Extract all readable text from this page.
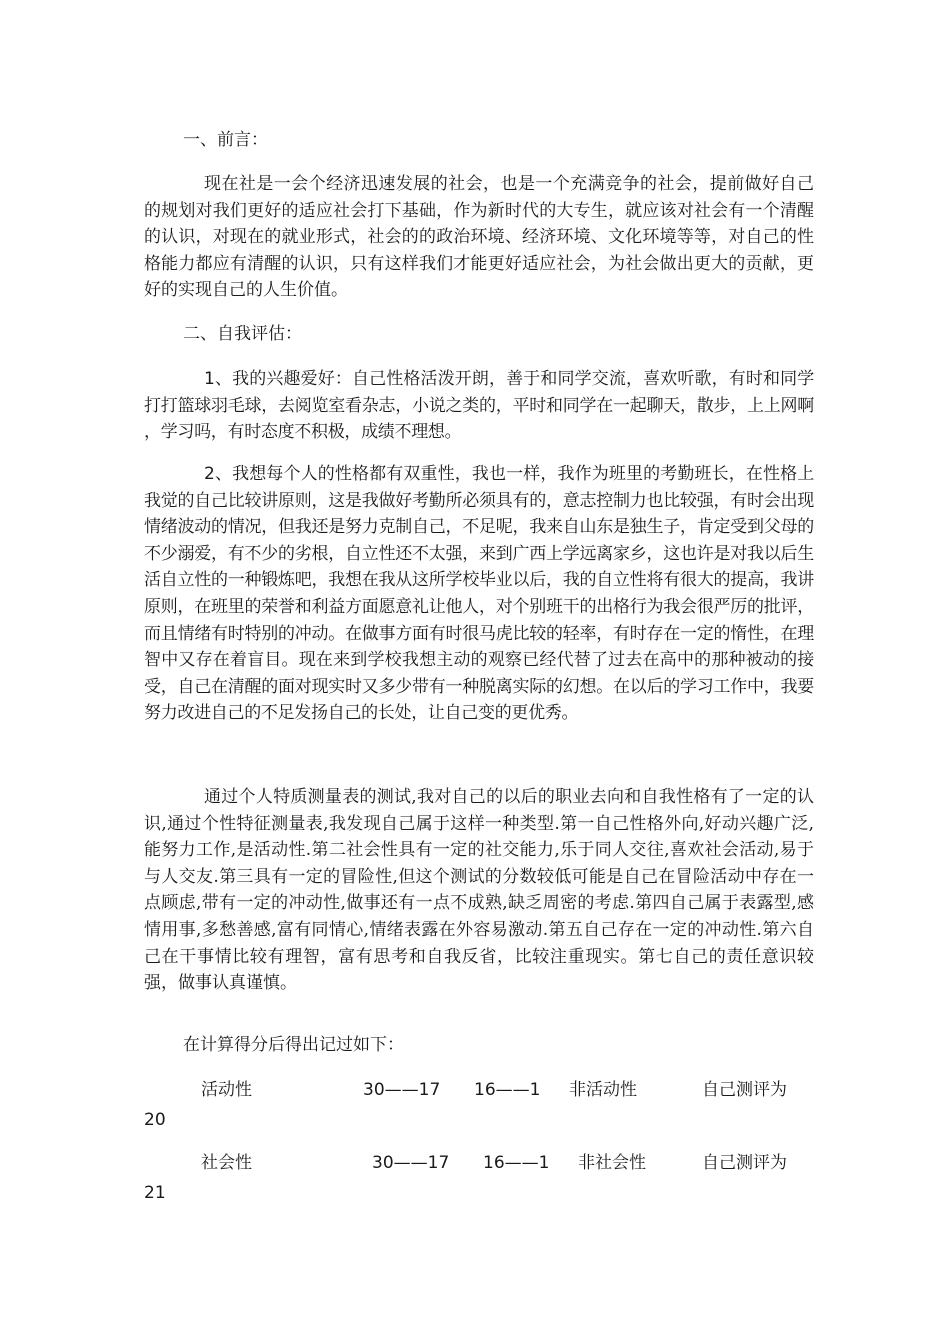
一、前言：

现在社是一会个经济迅速发展的社会，也是一个充满竞争的社会，提前做好自己的规划对我们更好的适应社会打下基础，作为新时代的大专生，就应该对社会有一个清醒的认识，对现在的就业形式，社会的的政治环境、经济环境、文化环境等等，对自己的性格能力都应有清醒的认识，只有这样我们才能更好适应社会，为社会做出更大的贡献，更好的实现自己的人生价值。

二、自我评估：

1、我的兴趣爱好：自己性格活泼开朗，善于和同学交流，喜欢听歌，有时和同学打打篮球羽毛球，去阅览室看杂志，小说之类的，平时和同学在一起聊天，散步，上上网啊 ，学习吗，有时态度不积极，成绩不理想。

2、我想每个人的性格都有双重性，我也一样，我作为班里的考勤班长，在性格上我觉的自己比较讲原则，这是我做好考勤所必须具有的，意志控制力也比较强，有时会出现情绪波动的情况，但我还是努力克制自己，不足呢，我来自山东是独生子，肯定受到父母的不少溺爱，有不少的劣根，自立性还不太强，来到广西上学远离家乡，这也许是对我以后生活自立性的一种锻炼吧，我想在我从这所学校毕业以后，我的自立性将有很大的提高，我讲原则，在班里的荣誉和利益方面愿意礼让他人，对个别班干的出格行为我会很严厉的批评，而且情绪有时特别的冲动。在做事方面有时很马虎比较的轻率，有时存在一定的惰性，在理智中又存在着盲目。现在来到学校我想主动的观察已经代替了过去在高中的那种被动的接受，自己在清醒的面对现实时又多少带有一种脱离实际的幻想。在以后的学习工作中，我要努力改进自己的不足发扬自己的长处，让自己变的更优秀。

通过个人特质测量表的测试,我对自己的以后的职业去向和自我性格有了一定的认识,通过个性特征测量表,我发现自己属于这样一种类型.第一自己性格外向,好动兴趣广泛,能努力工作,是活动性.第二社会性具有一定的社交能力,乐于同人交往,喜欢社会活动,易于与人交友.第三具有一定的冒险性,但这个测试的分数较低可能是自己在冒险活动中存在一点顾虑,带有一定的冲动性,做事还有一点不成熟,缺乏周密的考虑.第四自己属于表露型,感情用事,多愁善感,富有同情心,情绪表露在外容易激动.第五自己存在一定的冲动性.第六自己在干事情比较有理智，富有思考和自我反省，比较注重现实。第七自己的责任意识较强，做事认真谨慎。

在计算得分后得出记过如下：
活动性	30——17 16——1 非活动性	自己测评为
20
社会性	30——17 16——1 非社会性	自己测评为
21
